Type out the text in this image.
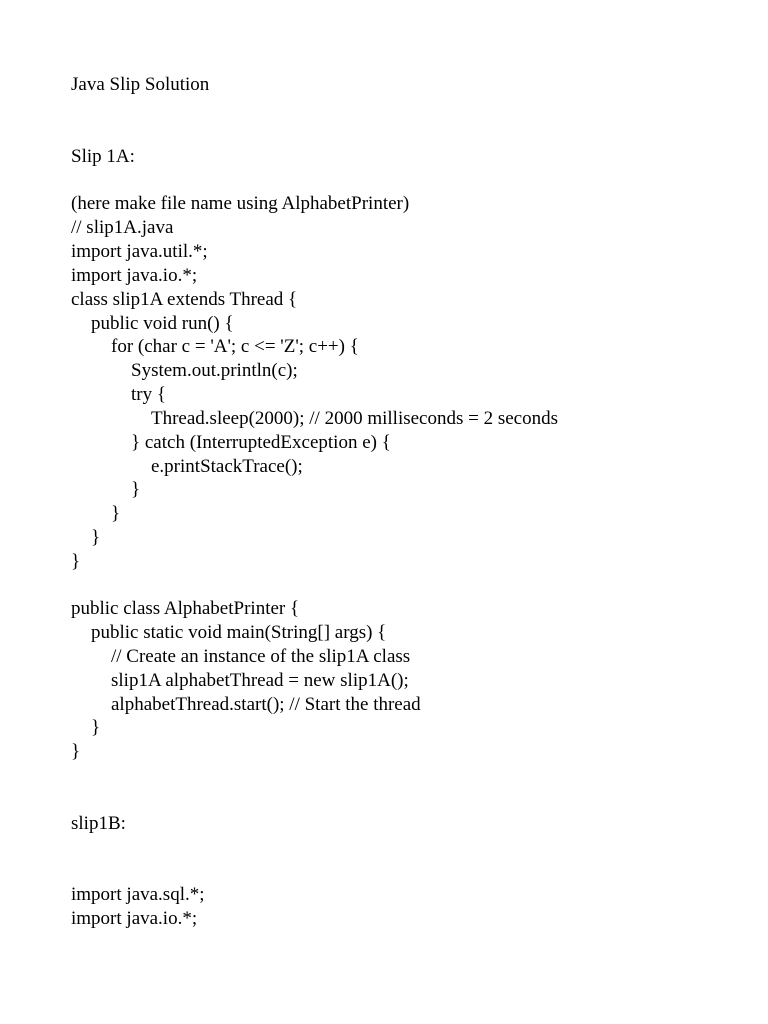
Java Slip Solution
Slip 1A:
(here make file name using AlphabetPrinter)
// slip1A.java
import java.util.*;
import java.io.*;
class slip1A extends Thread {
public void run() {
for (char c = 'A'; c <= 'Z'; c++) {
System.out.println(c);
try {
Thread.sleep(2000); // 2000 milliseconds = 2 seconds
} catch (InterruptedException e) {
e.printStackTrace();
}
}
}
}
public class AlphabetPrinter {
public static void main(String[] args) {
// Create an instance of the slip1A class
slip1A alphabetThread = new slip1A();
alphabetThread.start(); // Start the thread
}
}
slip1B:
import java.sql.*;
import java.io.*;
